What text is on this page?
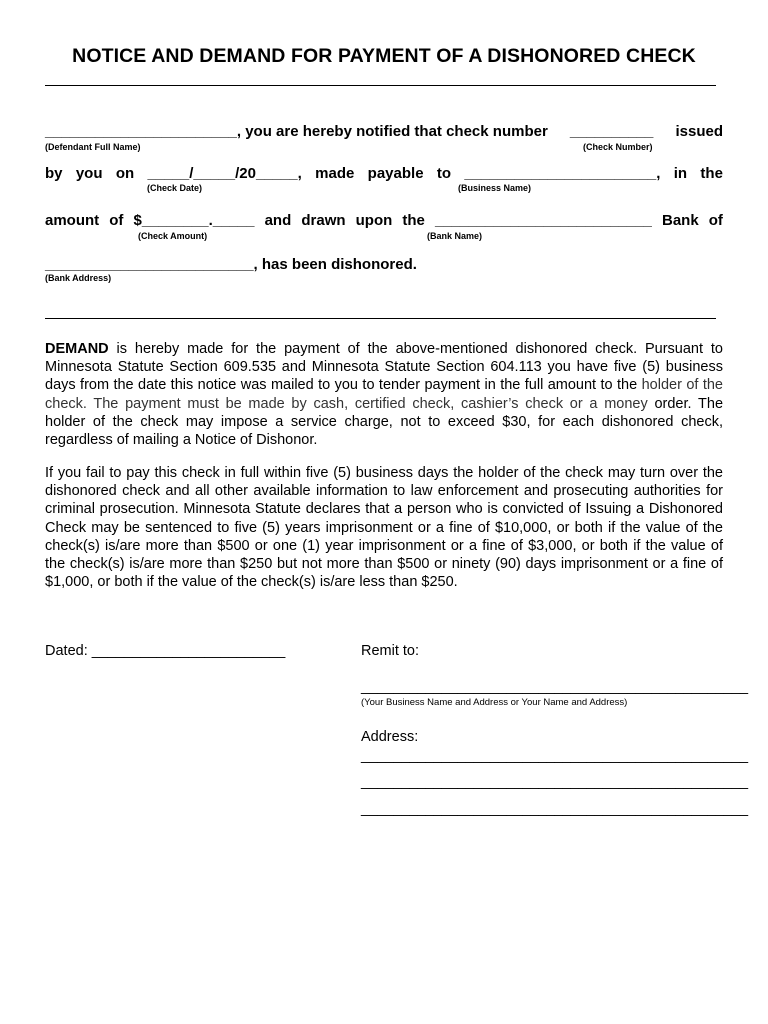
NOTICE AND DEMAND FOR PAYMENT OF A DISHONORED CHECK
_______________________, you are hereby notified that check number __________ issued
(Defendant Full Name)	(Check Number)
by you on _____/_____/20_____, made payable to _______________________, in the
(Check Date)	(Business Name)
amount of $________._____ and drawn upon the __________________________ Bank of
(Check Amount)	(Bank Name)
_________________________, has been dishonored.
(Bank Address)
DEMAND is hereby made for the payment of the above-mentioned dishonored check. Pursuant to Minnesota Statute Section 609.535 and Minnesota Statute Section 604.113 you have five (5) business days from the date this notice was mailed to you to tender payment in the full amount to the holder of the check. The payment must be made by cash, certified check, cashier’s check or a money order. The holder of the check may impose a service charge, not to exceed $30, for each dishonored check, regardless of mailing a Notice of Dishonor.
If you fail to pay this check in full within five (5) business days the holder of the check may turn over the dishonored check and all other available information to law enforcement and prosecuting authorities for criminal prosecution. Minnesota Statute declares that a person who is convicted of Issuing a Dishonored Check may be sentenced to five (5) years imprisonment or a fine of $10,000, or both if the value of the check(s) is/are more than $500 or one (1) year imprisonment or a fine of $3,000, or both if the value of the check(s) is/are more than $250 but not more than $500 or ninety (90) days imprisonment or a fine of $1,000, or both if the value of the check(s) is/are less than $250.
Dated: ________________________	Remit to:
________________________________________________
(Your Business Name and Address or Your Name and Address)
Address:
________________________________________________
________________________________________________
________________________________________________
